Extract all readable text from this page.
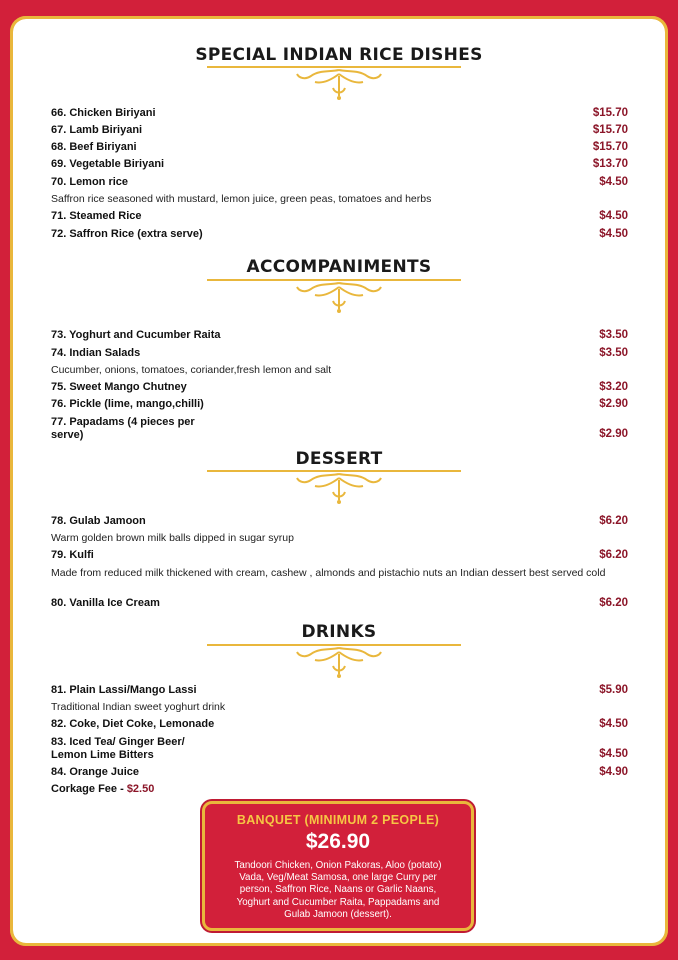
SPECIAL INDIAN RICE DISHES
66. Chicken Biriyani	$15.70
67. Lamb Biriyani	$15.70
68. Beef Biriyani	$15.70
69. Vegetable Biriyani	$13.70
70. Lemon rice	$4.50
Saffron rice seasoned with mustard, lemon juice, green peas, tomatoes and herbs
71. Steamed Rice	$4.50
72. Saffron Rice (extra serve)	$4.50
ACCOMPANIMENTS
73. Yoghurt and Cucumber Raita	$3.50
74. Indian Salads	$3.50
Cucumber, onions, tomatoes, coriander,fresh lemon and salt
75. Sweet Mango Chutney	$3.20
76. Pickle (lime, mango,chilli)	$2.90
77. Papadams (4 pieces per serve)	$2.90
DESSERT
78. Gulab Jamoon	$6.20
Warm golden brown milk balls dipped in sugar syrup
79. Kulfi	$6.20
Made from reduced milk thickened with cream, cashew , almonds and pistachio nuts an Indian dessert best served cold
80. Vanilla Ice Cream	$6.20
DRINKS
81. Plain Lassi/Mango Lassi	$5.90
Traditional Indian sweet yoghurt drink
82. Coke, Diet Coke, Lemonade	$4.50
83. Iced Tea/ Ginger Beer/ Lemon Lime Bitters	$4.50
84. Orange Juice	$4.90
Corkage Fee - $2.50
BANQUET (MINIMUM 2 PEOPLE)
$26.90
Tandoori Chicken, Onion Pakoras, Aloo (potato) Vada, Veg/Meat Samosa, one large Curry per person, Saffron Rice, Naans or Garlic Naans, Yoghurt and Cucumber Raita, Pappadams and Gulab Jamoon (dessert).
